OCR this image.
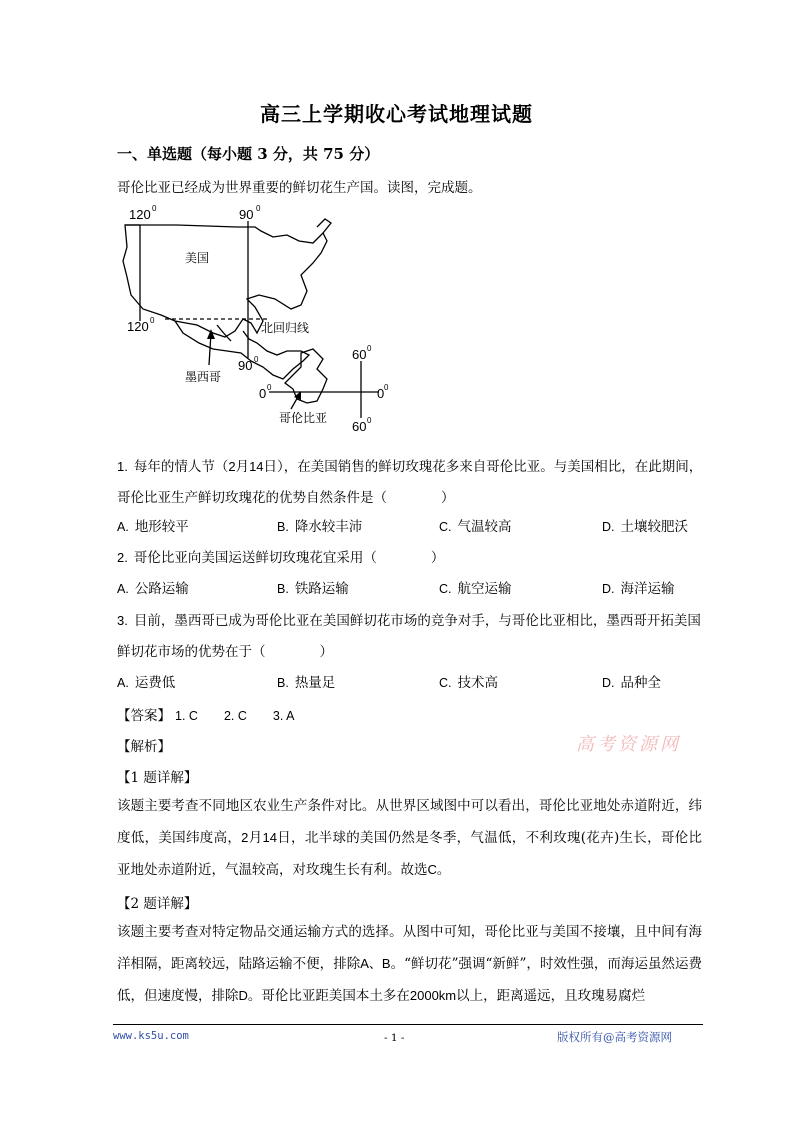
高三上学期收心考试地理试题
一、单选题（每小题 3 分，共 75 分）
哥伦比亚已经成为世界重要的鲜切花生产国。读图，完成题。
120 0	90 0
120 0
90 0	60 0
60 0
0 0	0 0
美国
北回归线
墨西哥
哥伦比亚
1. 每年的情人节（2月14日），在美国销售的鲜切玫瑰花多来自哥伦比亚。与美国相比，在此期间，哥伦比亚生产鲜切玫瑰花的优势自然条件是（　　　　）
A. 地形较平	B. 降水较丰沛	C. 气温较高	D. 土壤较肥沃
2. 哥伦比亚向美国运送鲜切玫瑰花宜采用（　　　　）
A. 公路运输	B. 铁路运输	C. 航空运输	D. 海洋运输
3. 目前，墨西哥已成为哥伦比亚在美国鲜切花市场的竞争对手，与哥伦比亚相比，墨西哥开拓美国鲜切花市场的优势在于（　　　　）
A. 运费低	B. 热量足	C. 技术高	D. 品种全
【答案】 1. C 2. C 3. A
高考资源网
【解析】
【1 题详解】
该题主要考查不同地区农业生产条件对比。从世界区域图中可以看出，哥伦比亚地处赤道附近，纬度低，美国纬度高，2月14日，北半球的美国仍然是冬季，气温低，不利玫瑰(花卉)生长，哥伦比亚地处赤道附近，气温较高，对玫瑰生长有利。故选C。
【2 题详解】
该题主要考查对特定物品交通运输方式的选择。从图中可知，哥伦比亚与美国不接壤，且中间有海洋相隔，距离较远，陆路运输不便，排除A、B。“鲜切花”强调“新鲜”，时效性强，而海运虽然运费低，但速度慢，排除D。哥伦比亚距美国本土多在2000km以上，距离遥远，且玫瑰易腐烂
www.ks5u.com	- 1 -	版权所有@高考资源网
